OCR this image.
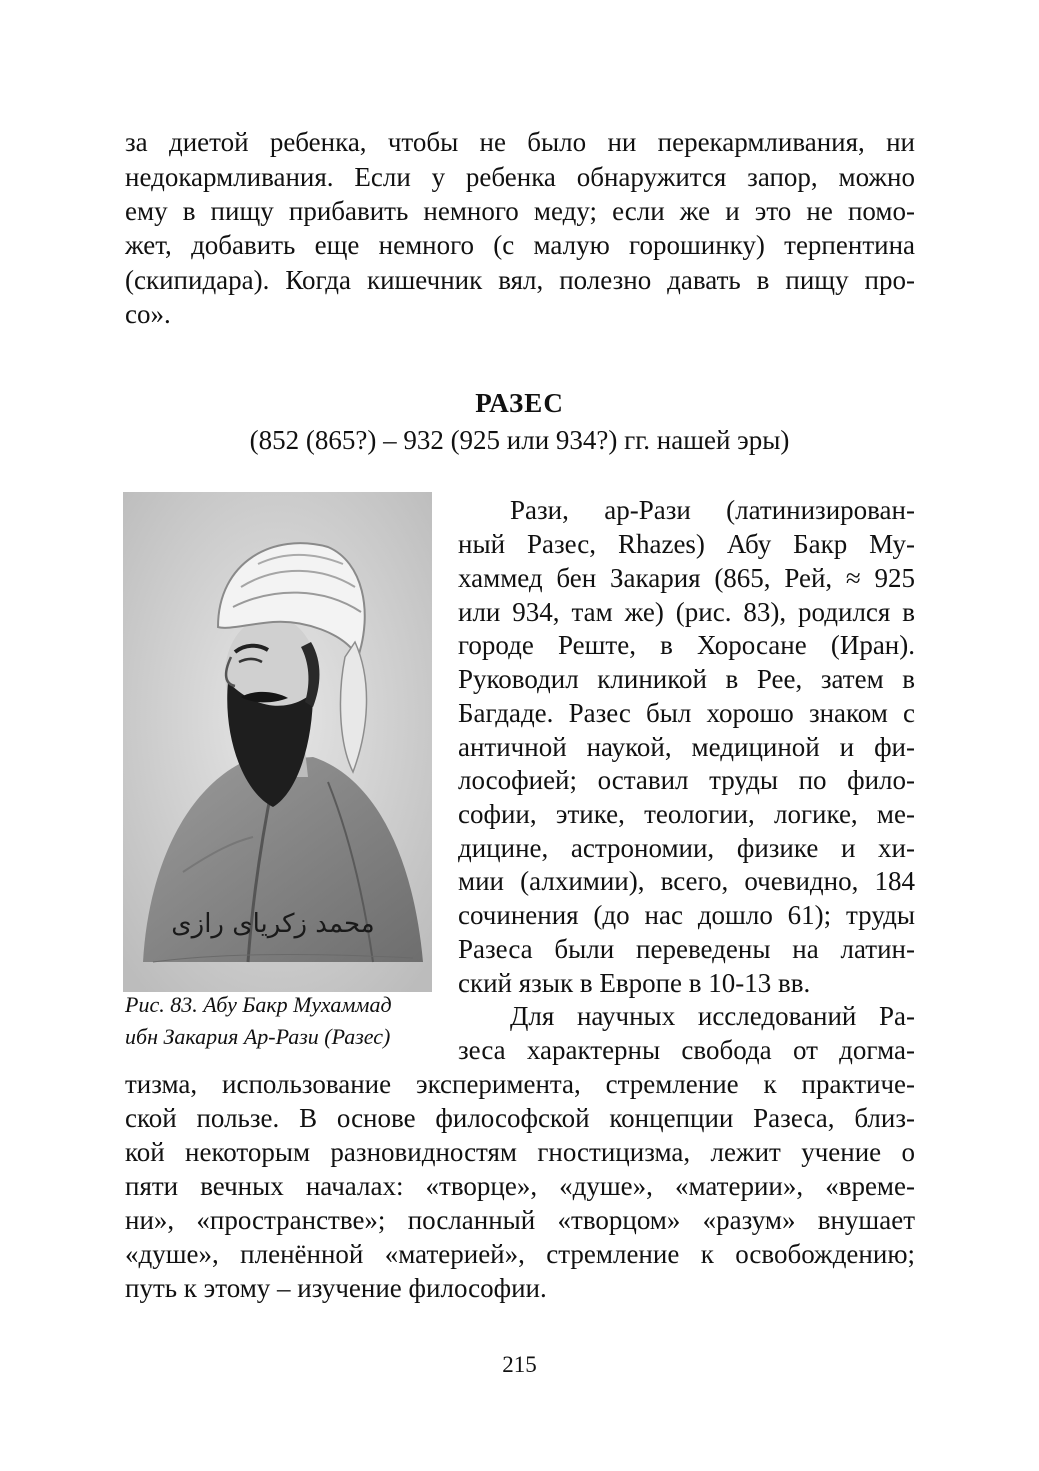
за диетой ребенка, чтобы не было ни перекармливания, ни
недокармливания. Если у ребенка обнаружится запор, можно
ему в пищу прибавить немного меду; если же и это не помо-
жет, добавить еще немного (с малую горошинку) терпентина
(скипидара). Когда кишечник вял, полезно давать в пищу про-
со».
РАЗЕС
(852 (865?) – 932 (925 или 934?) гг. нашей эры)
محمد زکریای رازی
Рис. 83. Абу Бакр Мухаммад
ибн Закария Ар-Рази (Разес)
Рази, ар-Рази (латинизирован-
ный Разес, Rhazes) Абу Бакр Му-
хаммед бен Закария (865, Рей, ≈ 925
или 934, там же) (рис. 83), родился в
городе Реште, в Хоросане (Иран).
Руководил клиникой в Рее, затем в
Багдаде. Разес был хорошо знаком с
античной наукой, медициной и фи-
лософией; оставил труды по фило-
софии, этике, теологии, логике, ме-
дицине, астрономии, физике и хи-
мии (алхимии), всего, очевидно, 184
сочинения (до нас дошло 61); труды
Разеса были переведены на латин-
ский язык в Европе в 10-13 вв.
Для научных исследований Ра-
зеса характерны свобода от догма-
тизма, использование эксперимента, стремление к практиче-
ской пользе. В основе философской концепции Разеса, близ-
кой некоторым разновидностям гностицизма, лежит учение о
пяти вечных началах: «творце», «душе», «материи», «време-
ни», «пространстве»; посланный «творцом» «разум» внушает
«душе», пленённой «материей», стремление к освобождению;
путь к этому – изучение философии.
215
